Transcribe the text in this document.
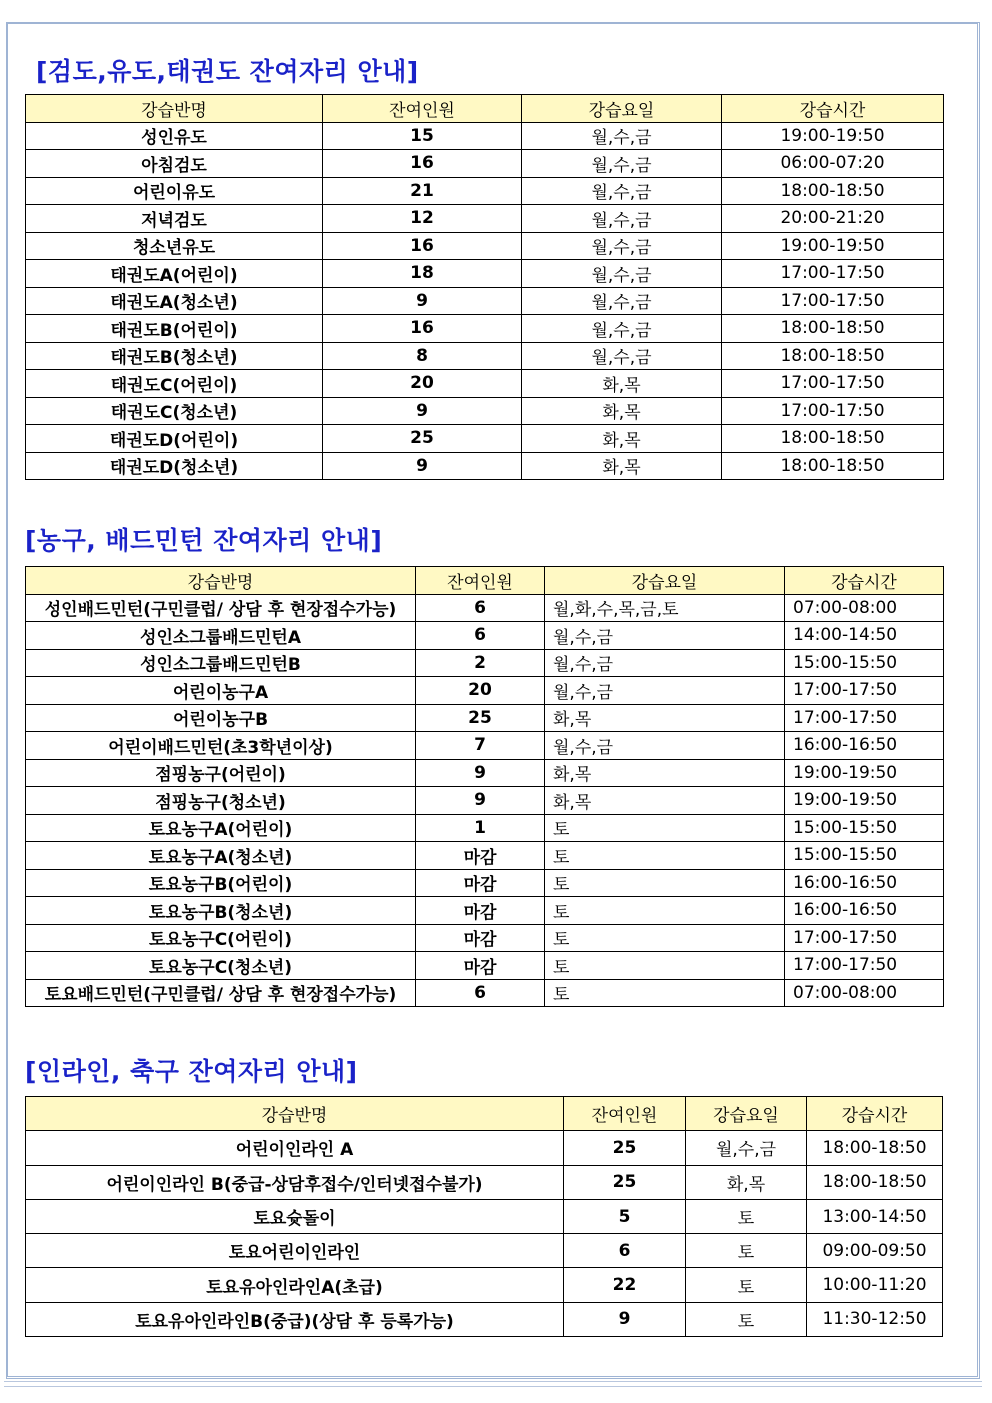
[검도,유도,태권도 잔여자리 안내]
강습반명	잔여인원	강습요일	강습시간
성인유도	15	월,수,금	19:00-19:50
아침검도	16	월,수,금	06:00-07:20
어린이유도	21	월,수,금	18:00-18:50
저녁검도	12	월,수,금	20:00-21:20
청소년유도	16	월,수,금	19:00-19:50
태권도A(어린이)	18	월,수,금	17:00-17:50
태권도A(청소년)	9	월,수,금	17:00-17:50
태권도B(어린이)	16	월,수,금	18:00-18:50
태권도B(청소년)	8	월,수,금	18:00-18:50
태권도C(어린이)	20	화,목	17:00-17:50
태권도C(청소년)	9	화,목	17:00-17:50
태권도D(어린이)	25	화,목	18:00-18:50
태권도D(청소년)	9	화,목	18:00-18:50
[농구, 배드민턴 잔여자리 안내]
강습반명	잔여인원	강습요일	강습시간
성인배드민턴(구민클럽/ 상담 후 현장접수가능)	6	월,화,수,목,금,토	07:00-08:00
성인소그룹배드민턴A	6	월,수,금	14:00-14:50
성인소그룹배드민턴B	2	월,수,금	15:00-15:50
어린이농구A	20	월,수,금	17:00-17:50
어린이농구B	25	화,목	17:00-17:50
어린이배드민턴(초3학년이상)	7	월,수,금	16:00-16:50
점핑농구(어린이)	9	화,목	19:00-19:50
점핑농구(청소년)	9	화,목	19:00-19:50
토요농구A(어린이)	1	토	15:00-15:50
토요농구A(청소년)	마감	토	15:00-15:50
토요농구B(어린이)	마감	토	16:00-16:50
토요농구B(청소년)	마감	토	16:00-16:50
토요농구C(어린이)	마감	토	17:00-17:50
토요농구C(청소년)	마감	토	17:00-17:50
토요배드민턴(구민클럽/ 상담 후 현장접수가능)	6	토	07:00-08:00
[인라인, 축구 잔여자리 안내]
강습반명	잔여인원	강습요일	강습시간
어린이인라인 A	25	월,수,금	18:00-18:50
어린이인라인 B(중급-상담후접수/인터넷접수불가)	25	화,목	18:00-18:50
토요슛돌이	5	토	13:00-14:50
토요어린이인라인	6	토	09:00-09:50
토요유아인라인A(초급)	22	토	10:00-11:20
토요유아인라인B(중급)(상담 후 등록가능)	9	토	11:30-12:50
